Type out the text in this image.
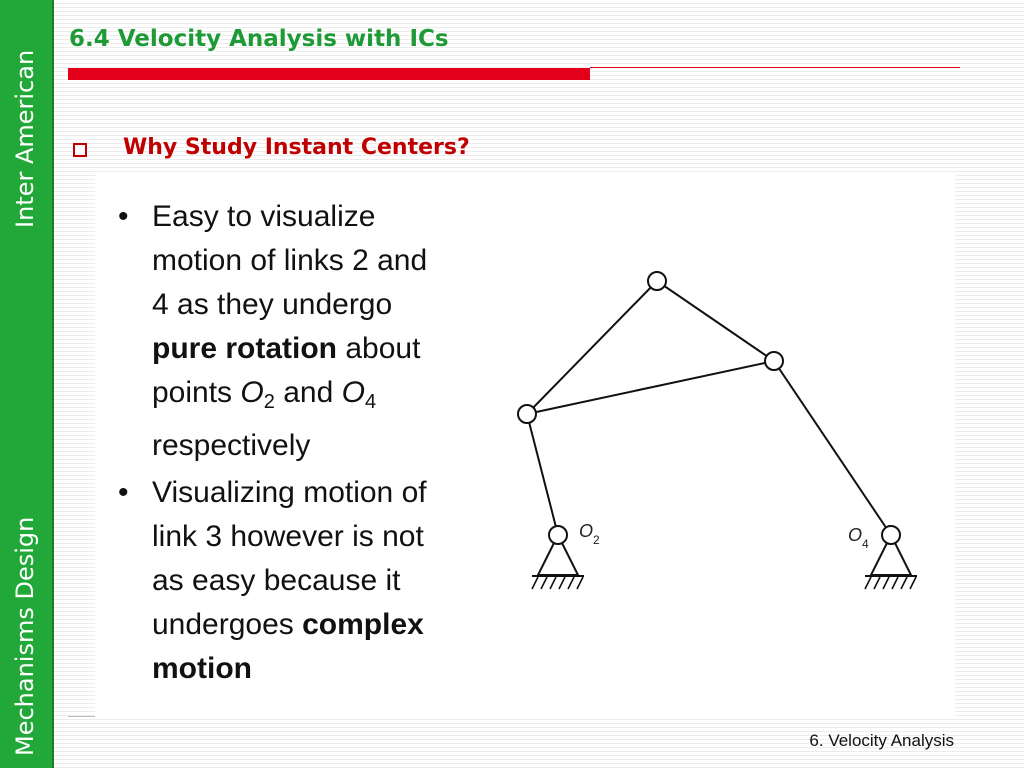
Inter American
Mechanisms Design
6.4 Velocity Analysis with ICs
Why Study Instant Centers?
• Easy to visualize
motion of links 2 and
4 as they undergo
pure rotation about
points $O_2$ and $O_4$
respectively
• Visualizing motion of
link 3 however is not
as easy because it
undergoes complex
motion
O 2	O 4
6. Velocity Analysis
